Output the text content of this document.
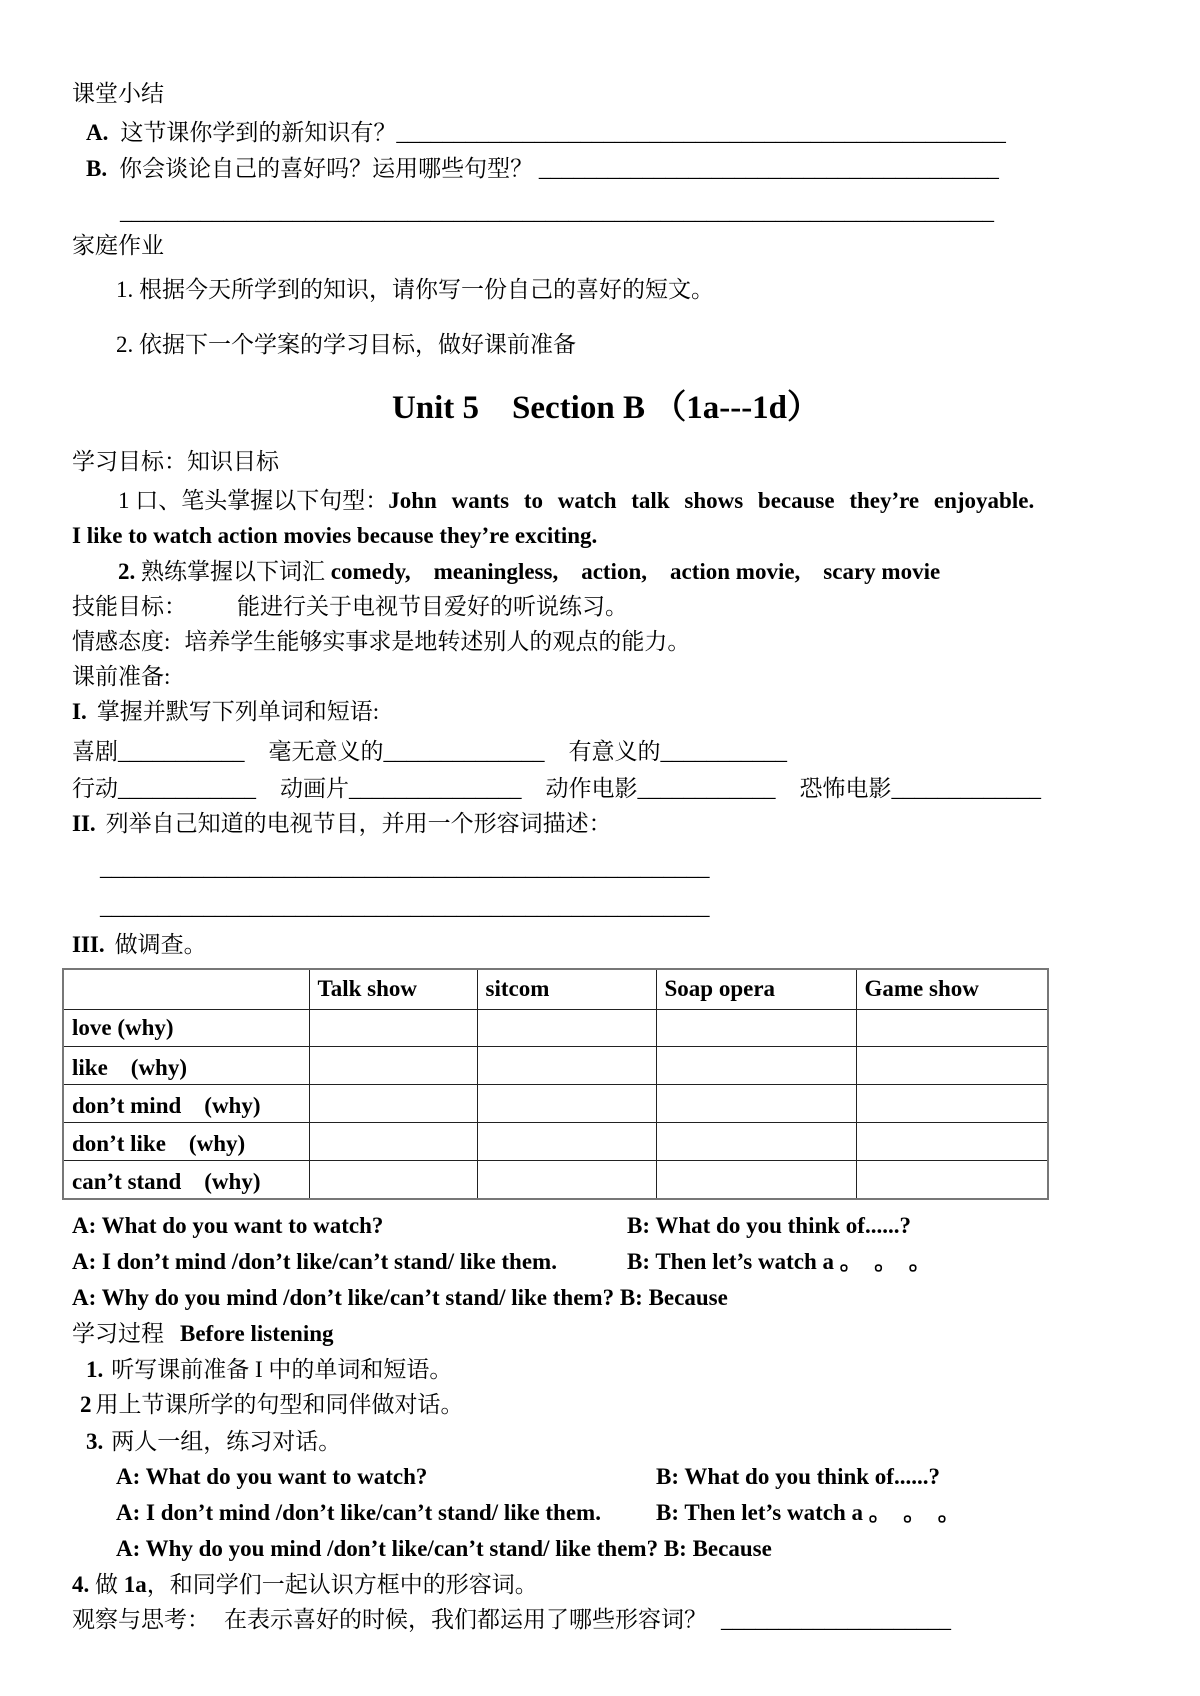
课堂小结

A. 这节课你学到的新知识有？_____________________________________________________

B. 你会谈论自己的喜好吗？运用哪些句型？ ________________________________________

____________________________________________________________________________

家庭作业

1. 根据今天所学到的知识，请你写一份自己的喜好的短文。

2. 依据下一个学案的学习目标，做好课前准备

Unit 5　Section B （1a---1d）

学习目标：知识目标

1 口、笔头掌握以下句型：John wants to watch talk shows because they’re enjoyable.

I like to watch action movies because they’re exciting.

2. 熟练掌握以下词汇 comedy,　meaningless,　action,　action movie,　scary movie

技能目标： 能进行关于电视节目爱好的听说练习。

情感态度: 培养学生能够实事求是地转述别人的观点的能力。

课前准备:

I. 掌握并默写下列单词和短语:

喜剧___________ 毫无意义的______________ 有意义的___________

行动____________ 动画片_______________ 动作电影____________ 恐怖电影_____________

II. 列举自己知道的电视节目，并用一个形容词描述：

_____________________________________________________

_____________________________________________________

III. 做调查。

	Talk show	sitcom	Soap opera	Game show
love (why)				
like　(why)				
don’t mind　(why)				
don’t like　(why)				
can’t stand　(why)				
A: What do you want to watch?	B: What do you think of......?
A: I don’t mind /don’t like/can’t stand/ like them.	B: Then let’s watch a 。　。　。

A: Why do you mind /don’t like/can’t stand/ like them? B: Because

学习过程 Before listening

1. 听写课前准备 I 中的单词和短语。

2 用上节课所学的句型和同伴做对话。

3. 两人一组，练习对话。

A: What do you want to watch?	B: What do you think of......?
A: I don’t mind /don’t like/can’t stand/ like them.	B: Then let’s watch a 。　。　。

A: Why do you mind /don’t like/can’t stand/ like them? B: Because

4. 做 1a，和同学们一起认识方框中的形容词。

观察与思考： 在表示喜好的时候，我们都运用了哪些形容词？ ____________________
